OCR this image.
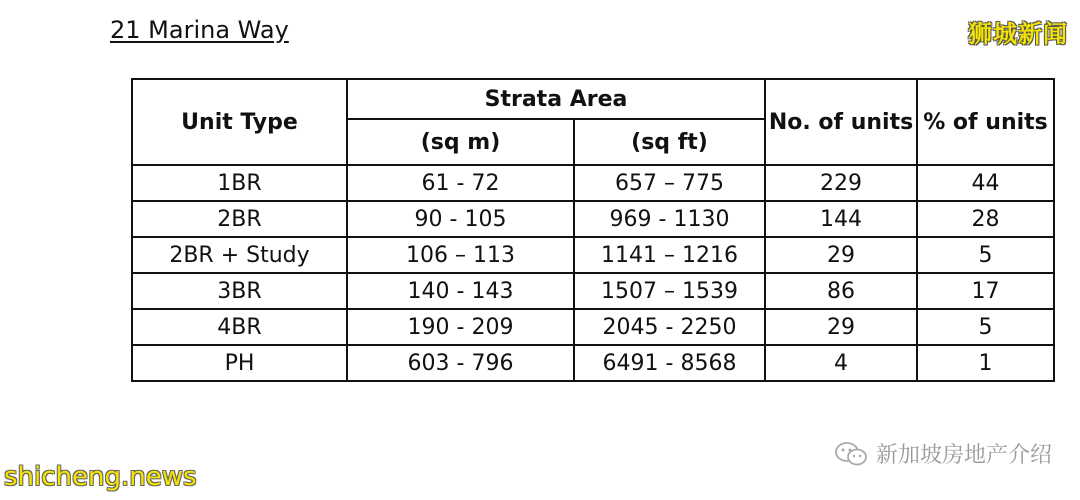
21 Marina Way	狮城新闻
Unit Type	Strata Area		No. of units	% of units
	(sq m)	(sq ft)		
1BR	61 - 72	657 – 775	229	44
2BR	90 - 105	969 - 1130	144	28
2BR + Study	106 – 113	1141 – 1216	29	5
3BR	140 - 143	1507 – 1539	86	17
4BR	190 - 209	2045 - 2250	29	5
PH	603 - 796	6491 - 8568	4	1
新加坡房地产介绍
shicheng.news
